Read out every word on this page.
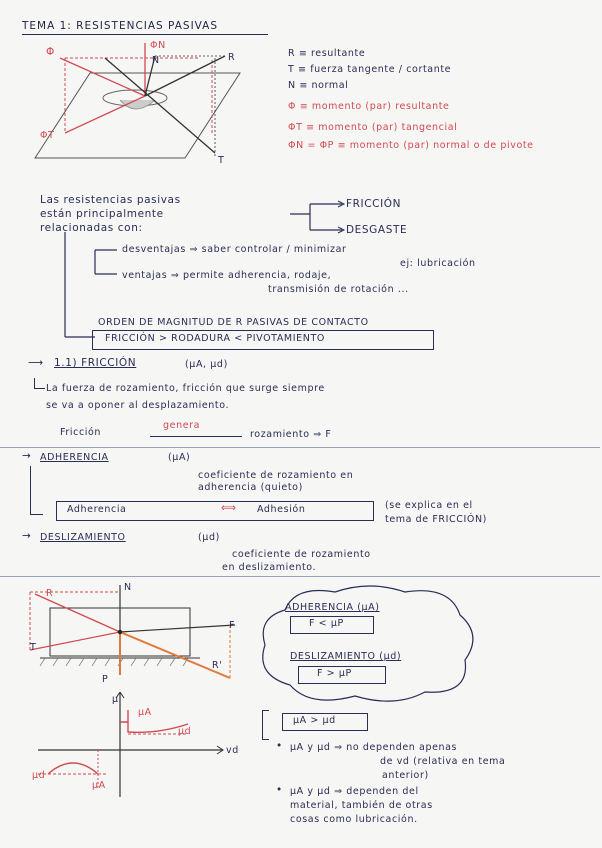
TEMA 1: RESISTENCIAS PASIVAS
ΦN
Φ
N	R
ΦT
T
R ≡ resultante
T ≡ fuerza tangente / cortante
N ≡ normal
Φ ≡ momento (par) resultante
ΦT ≡ momento (par) tangencial
ΦN = ΦP ≡ momento (par) normal o de pivote
Las resistencias pasivas
están principalmente
relacionadas con:
FRICCIÓN
DESGASTE
desventajas ⇒ saber controlar / minimizar
ej: lubricación
ventajas ⇒ permite adherencia, rodaje,
transmisión de rotación ...
ORDEN DE MAGNITUD DE R PASIVAS DE CONTACTO
FRICCIÓN > RODADURA < PIVOTAMIENTO
⟶ 1.1) FRICCIÓN	(μA, μd)
La fuerza de rozamiento, fricción que surge siempre
se va a oponer al desplazamiento.
Fricción
genera
rozamiento ⇒ F
→ ADHERENCIA	(μA)
coeficiente de rozamiento en
adherencia (quieto)
Adherencia	⟺ Adhesión	(se explica en el
tema de FRICCIÓN)
→ DESLIZAMIENTO	(μd)
coeficiente de rozamiento
en deslizamiento.
R
N
T
F
P
R'
ADHERENCIA (μA)
F < μP
DESLIZAMIENTO (μd)
F > μP
μ
vd
μA
μd
μd
μA
μA > μd
• μA y μd ⇒ no dependen apenas
de vd (relativa en tema
anterior)
• μA y μd ⇒ dependen del
material, también de otras
cosas como lubricación.
